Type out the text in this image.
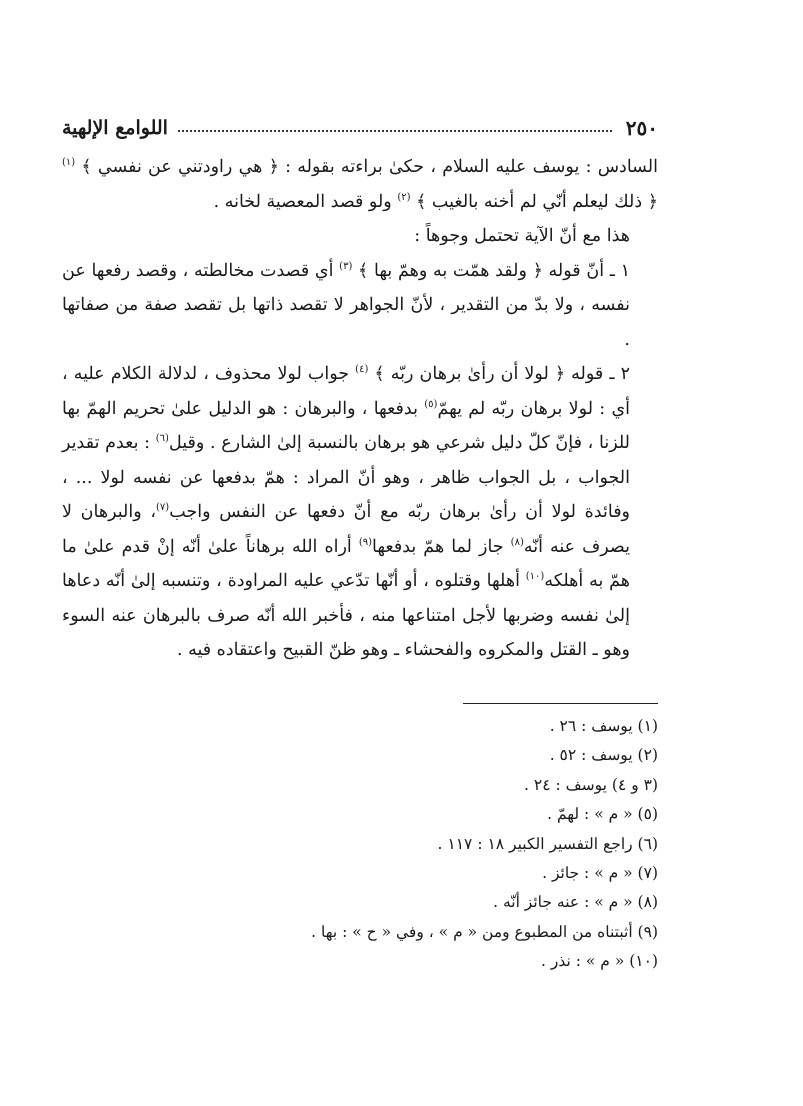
٢٥٠
اللوامع الإلهية

السادس : يوسف عليه السلام ، حكىٰ براءته بقوله : ﴿ هي راودتني عن نفسي ﴾ $^{(١)}$ ﴿ ذلك ليعلم أنّي لم أخنه بالغيب ﴾ $^{(٢)}$ ولو قصد المعصية لخانه .

هذا مع أنّ الآية تحتمل وجوهاً :

١ ـ أنّ قوله ﴿ ولقد همّت به وهمّ بها ﴾ $^{(٣)}$ أي قصدت مخالطته ، وقصد رفعها عن نفسه ، ولا بدّ من التقدير ، لأنّ الجواهر لا تقصد ذاتها بل تقصد صفة من صفاتها .

٢ ـ قوله ﴿ لولا أن رأىٰ برهان ربّه ﴾ $^{(٤)}$ جواب لولا محذوف ، لدلالة الكلام عليه ، أي : لولا برهان ربّه لم يهمّ$^{(٥)}$ بدفعها ، والبرهان : هو الدليل علىٰ تحريم الهمّ بها للزنا ، فإنّ كلّ دليل شرعي هو برهان بالنسبة إلىٰ الشارع . وقيل$^{(٦)}$ : بعدم تقدير الجواب ، بل الجواب ظاهر ، وهو أنّ المراد : همّ بدفعها عن نفسه لولا ... ، وفائدة لولا أن رأىٰ برهان ربّه مع أنّ دفعها عن النفس واجب$^{(٧)}$، والبرهان لا يصرف عنه أنّه$^{(٨)}$ جاز لما همّ بدفعها$^{(٩)}$ أراه الله برهاناً علىٰ أنّه إنْ قدم علىٰ ما همّ به أهلكه$^{(١٠)}$ أهلها وقتلوه ، أو أنّها تدّعي عليه المراودة ، وتنسبه إلىٰ أنّه دعاها إلىٰ نفسه وضربها لأجل امتناعها منه ، فأخبر الله أنّه صرف بالبرهان عنه السوء وهو ـ القتل والمكروه والفحشاء ـ وهو ظنّ القبيح واعتقاده فيه .

(١) يوسف : ٢٦ .
(٢) يوسف : ٥٢ .
(٣ و ٤) يوسف : ٢٤ .
(٥) « م » : لهمّ .
(٦) راجع التفسير الكبير ١٨ : ١١٧ .
(٧) « م » : جائز .
(٨) « م » : عنه جائز أنّه .
(٩) أثبتناه من المطبوع ومن « م » ، وفي « ح » : بها .
(١٠) « م » : نذر .
